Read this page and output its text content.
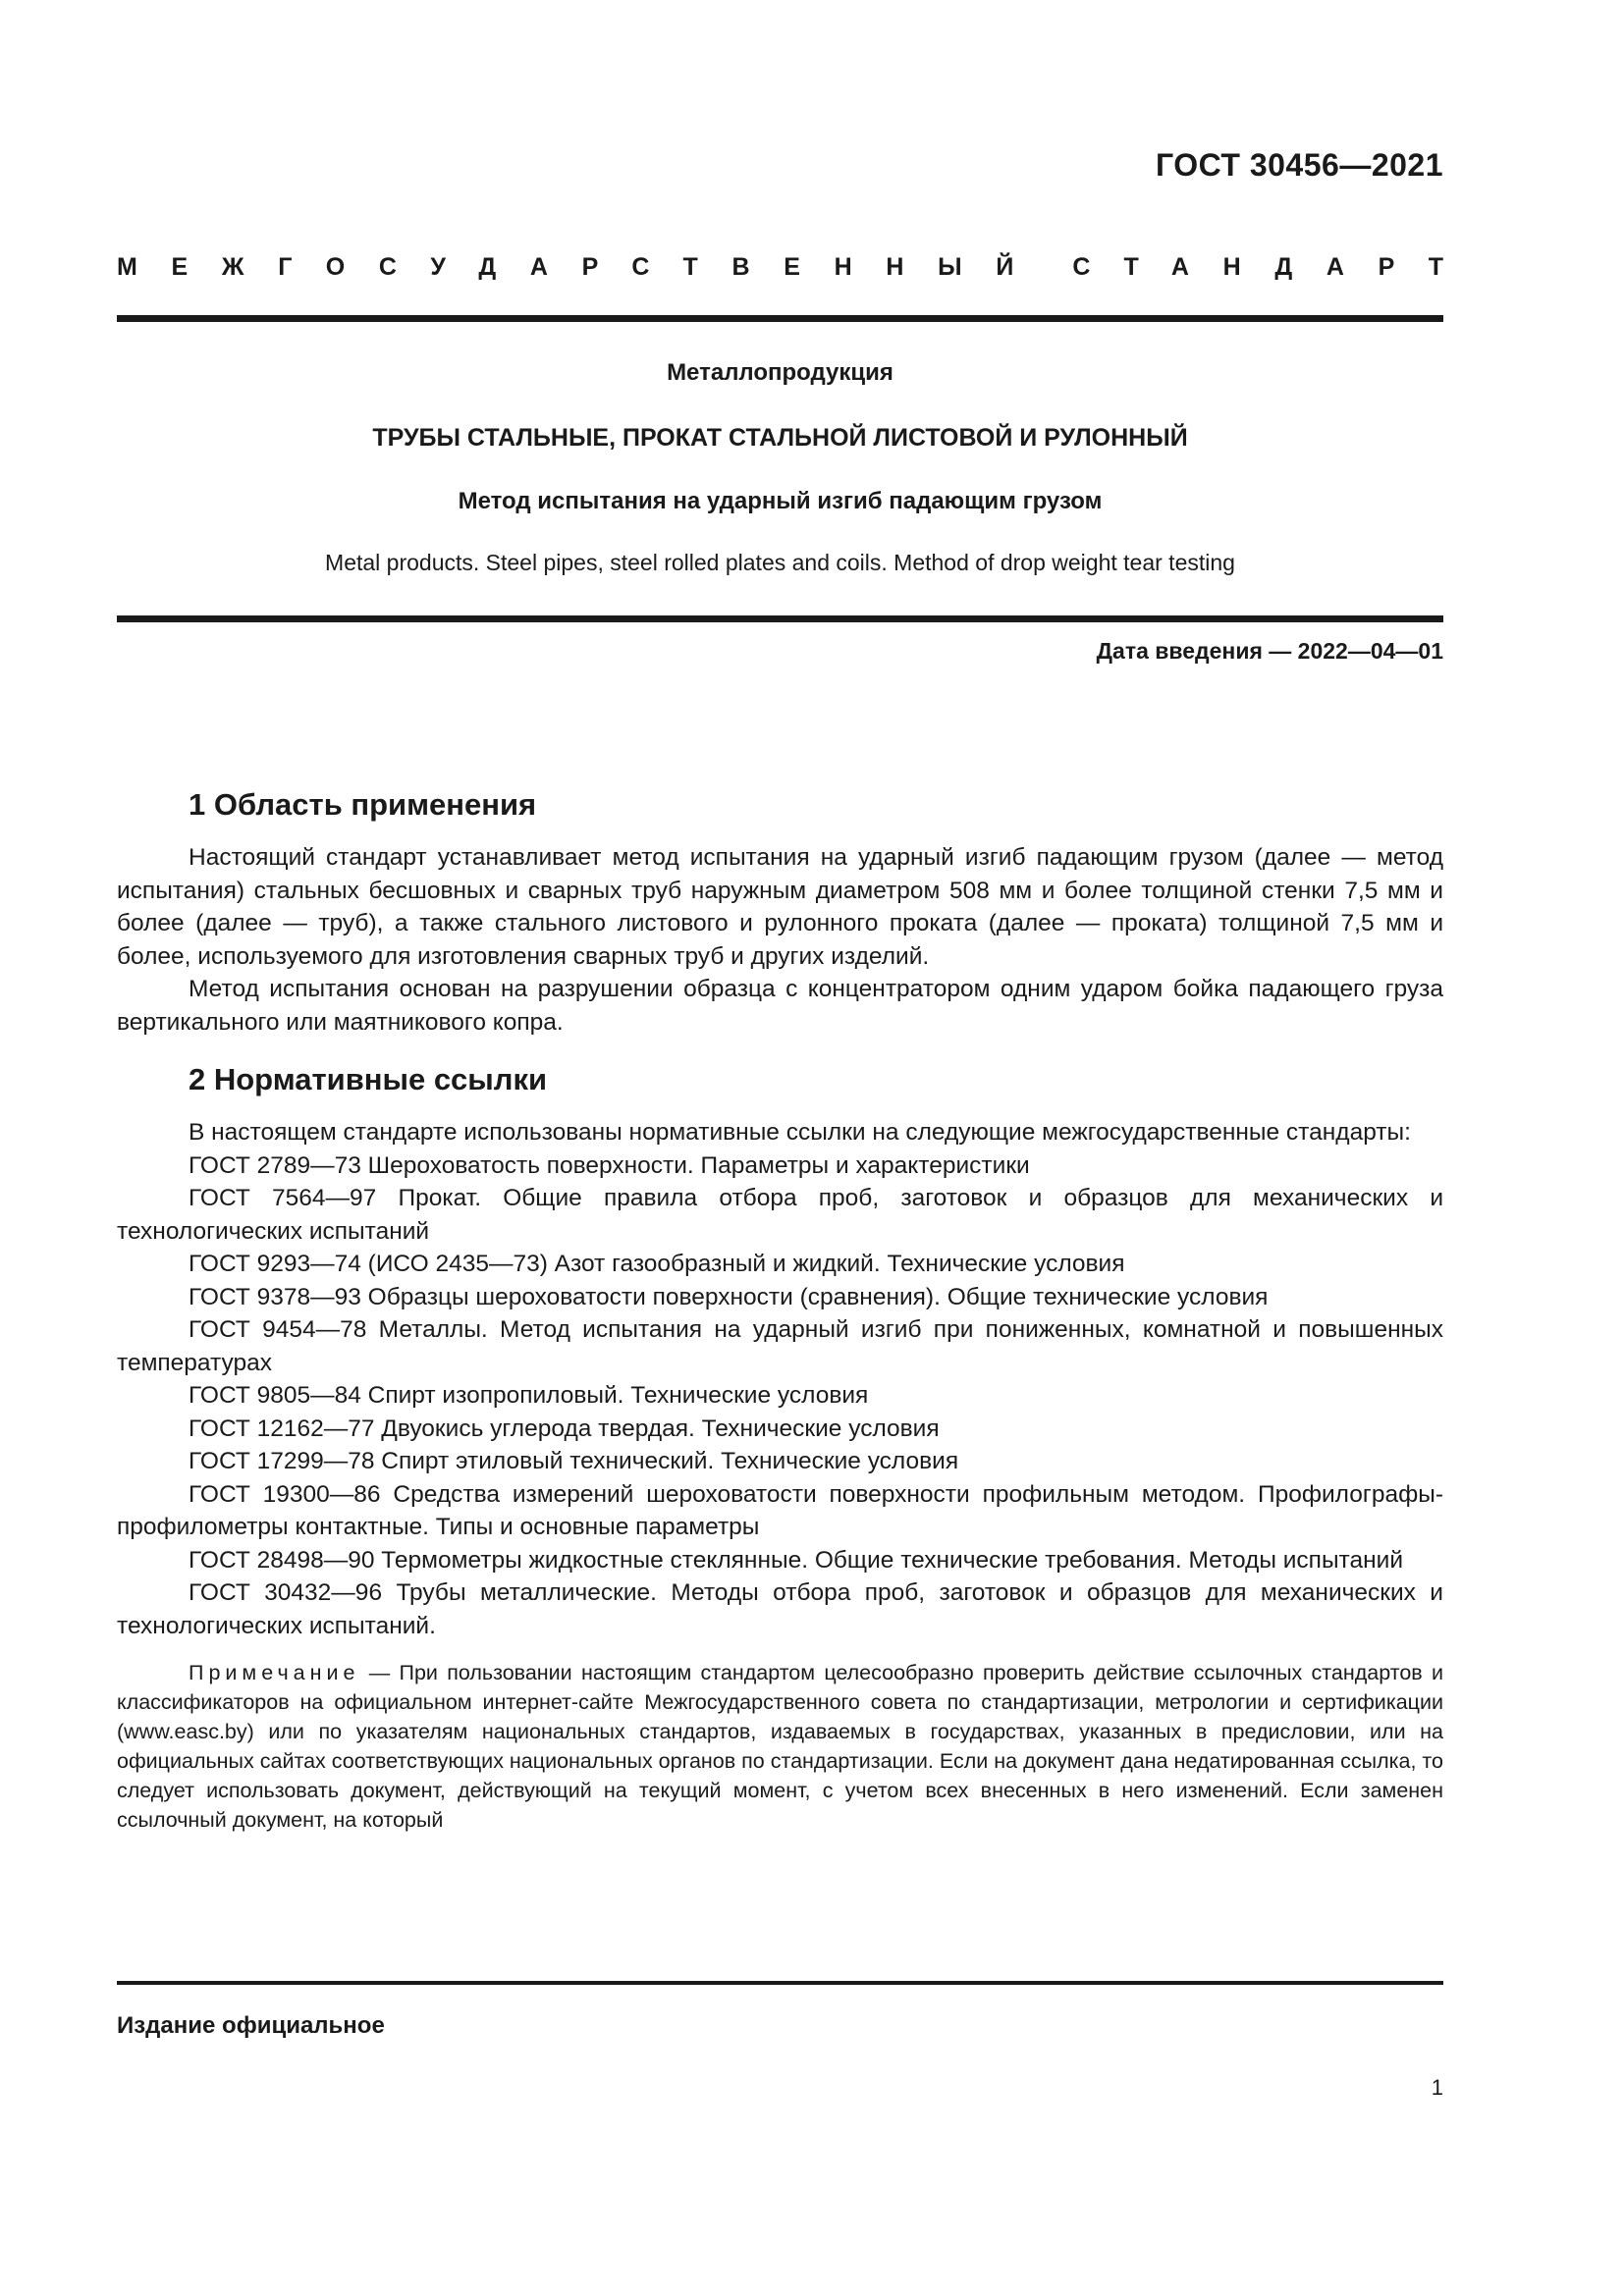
ГОСТ 30456—2021
МЕЖГОСУДАРСТВЕННЫЙ СТАНДАРТ
Металлопродукция
ТРУБЫ СТАЛЬНЫЕ, ПРОКАТ СТАЛЬНОЙ ЛИСТОВОЙ И РУЛОННЫЙ
Метод испытания на ударный изгиб падающим грузом
Metal products. Steel pipes, steel rolled plates and coils. Method of drop weight tear testing
Дата введения — 2022—04—01
1 Область применения

Настоящий стандарт устанавливает метод испытания на ударный изгиб падающим грузом (далее — метод испытания) стальных бесшовных и сварных труб наружным диаметром 508 мм и более толщиной стенки 7,5 мм и более (далее — труб), а также стального листового и рулонного проката (далее — проката) толщиной 7,5 мм и более, используемого для изготовления сварных труб и других изделий.

Метод испытания основан на разрушении образца с концентратором одним ударом бойка падающего груза вертикального или маятникового копра.

2 Нормативные ссылки

В настоящем стандарте использованы нормативные ссылки на следующие межгосударственные стандарты:

ГОСТ 2789—73 Шероховатость поверхности. Параметры и характеристики

ГОСТ 7564—97 Прокат. Общие правила отбора проб, заготовок и образцов для механических и технологических испытаний

ГОСТ 9293—74 (ИСО 2435—73) Азот газообразный и жидкий. Технические условия

ГОСТ 9378—93 Образцы шероховатости поверхности (сравнения). Общие технические условия

ГОСТ 9454—78 Металлы. Метод испытания на ударный изгиб при пониженных, комнатной и повышенных температурах

ГОСТ 9805—84 Спирт изопропиловый. Технические условия

ГОСТ 12162—77 Двуокись углерода твердая. Технические условия

ГОСТ 17299—78 Спирт этиловый технический. Технические условия

ГОСТ 19300—86 Средства измерений шероховатости поверхности профильным методом. Профилографы-профилометры контактные. Типы и основные параметры

ГОСТ 28498—90 Термометры жидкостные стеклянные. Общие технические требования. Методы испытаний

ГОСТ 30432—96 Трубы металлические. Методы отбора проб, заготовок и образцов для механических и технологических испытаний.

Примечание — При пользовании настоящим стандартом целесообразно проверить действие ссылочных стандартов и классификаторов на официальном интернет-сайте Межгосударственного совета по стандартизации, метрологии и сертификации (www.easc.by) или по указателям национальных стандартов, издаваемых в государствах, указанных в предисловии, или на официальных сайтах соответствующих национальных органов по стандартизации. Если на документ дана недатированная ссылка, то следует использовать документ, действующий на текущий момент, с учетом всех внесенных в него изменений. Если заменен ссылочный документ, на который

Издание официальное
1
